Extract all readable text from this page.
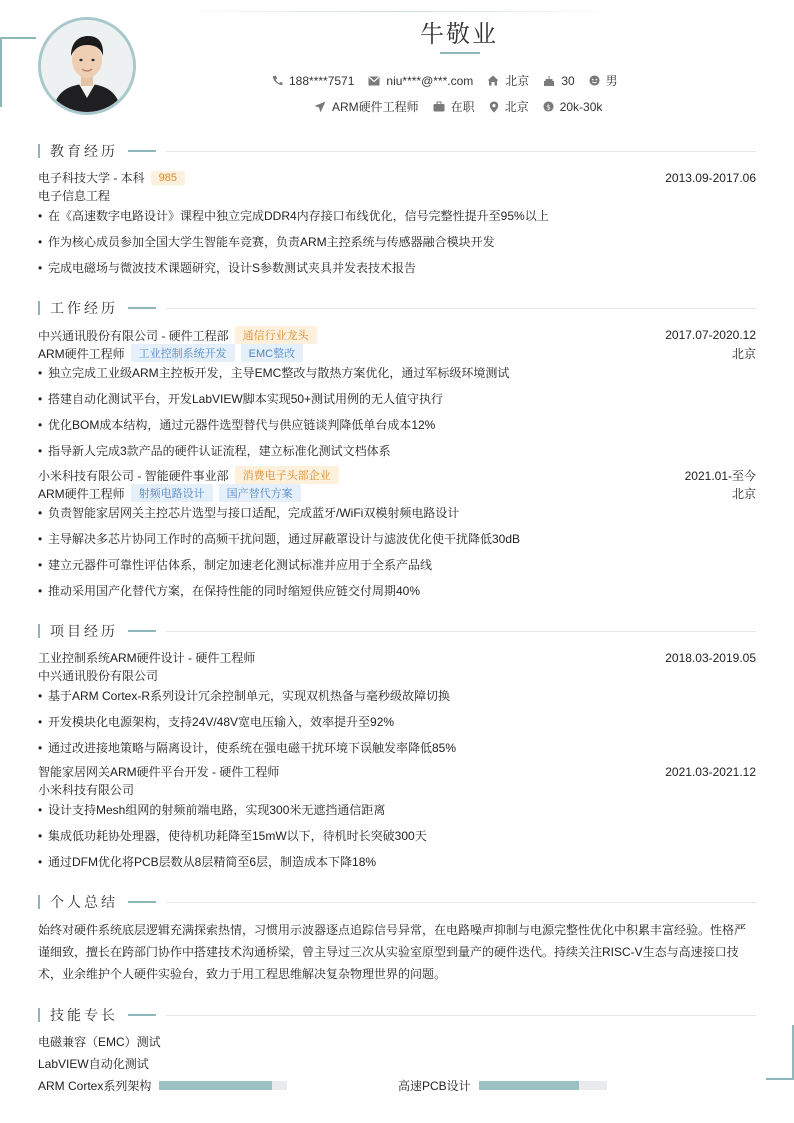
牛敬业
188****7571	niu****@***.com	北京	30	男
ARM硬件工程师	在职	北京 $ 20k-30k
教育经历
电子科技大学 - 本科	985	2013.09-2017.06
电子信息工程
• 在《高速数字电路设计》课程中独立完成DDR4内存接口布线优化，信号完整性提升至95%以上
• 作为核心成员参加全国大学生智能车竞赛，负责ARM主控系统与传感器融合模块开发
• 完成电磁场与微波技术课题研究，设计S参数测试夹具并发表技术报告
工作经历
中兴通讯股份有限公司 - 硬件工程部	通信行业龙头	2017.07-2020.12
ARM硬件工程师	工业控制系统开发	EMC整改	北京
• 独立完成工业级ARM主控板开发，主导EMC整改与散热方案优化，通过军标级环境测试
• 搭建自动化测试平台，开发LabVIEW脚本实现50+测试用例的无人值守执行
• 优化BOM成本结构，通过元器件选型替代与供应链谈判降低单台成本12%
• 指导新人完成3款产品的硬件认证流程，建立标准化测试文档体系
小米科技有限公司 - 智能硬件事业部	消费电子头部企业	2021.01-至今
ARM硬件工程师	射频电路设计	国产替代方案	北京
• 负责智能家居网关主控芯片选型与接口适配，完成蓝牙/WiFi双模射频电路设计
• 主导解决多芯片协同工作时的高频干扰问题，通过屏蔽罩设计与滤波优化使干扰降低30dB
• 建立元器件可靠性评估体系，制定加速老化测试标准并应用于全系产品线
• 推动采用国产化替代方案，在保持性能的同时缩短供应链交付周期40%
项目经历
工业控制系统ARM硬件设计 - 硬件工程师	2018.03-2019.05
中兴通讯股份有限公司
• 基于ARM Cortex-R系列设计冗余控制单元，实现双机热备与毫秒级故障切换
• 开发模块化电源架构，支持24V/48V宽电压输入，效率提升至92%
• 通过改进接地策略与隔离设计，使系统在强电磁干扰环境下误触发率降低85%
智能家居网关ARM硬件平台开发 - 硬件工程师	2021.03-2021.12
小米科技有限公司
• 设计支持Mesh组网的射频前端电路，实现300米无遮挡通信距离
• 集成低功耗协处理器，使待机功耗降至15mW以下，待机时长突破300天
• 通过DFM优化将PCB层数从8层精简至6层，制造成本下降18%
个人总结
始终对硬件系统底层逻辑充满探索热情，习惯用示波器逐点追踪信号异常，在电路噪声抑制与电源完整性优化中积累丰富经验。性格严谨细致，擅长在跨部门协作中搭建技术沟通桥梁，曾主导过三次从实验室原型到量产的硬件迭代。持续关注RISC-V生态与高速接口技术，业余维护个人硬件实验台，致力于用工程思维解决复杂物理世界的问题。
技能专长
电磁兼容（EMC）测试
LabVIEW自动化测试
ARM Cortex系列架构	高速PCB设计
